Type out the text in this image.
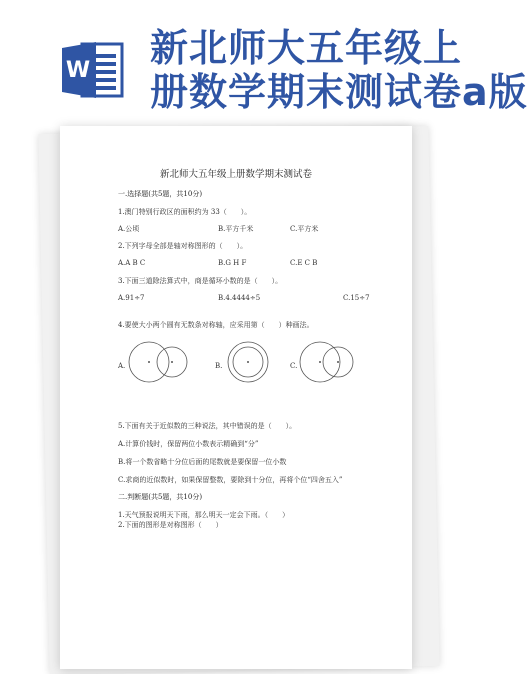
W
新北师大五年级上
册数学期末测试卷a版
新北师大五年级上册数学期末测试卷
一.选择题(共5题，共10分)
1.澳门特别行政区的面积约为 33（　　）。
A.公顷	B.平方千米	C.平方米
2.下列字母全部是轴对称图形的（　　）。
A.A B C	B.G H F	C.E C B
3.下面三道除法算式中，商是循环小数的是（　　）。
A.91÷7	B.4.4444÷5	C.15÷7
4.要使大小两个圆有无数条对称轴，应采用第（　　）种画法。
A.	B.	C.
5.下面有关于近似数的三种说法，其中错误的是（　　）。
A.计算价钱时，保留两位小数表示精确到“分”
B.将一个数省略十分位后面的尾数就是要保留一位小数
C.求商的近似数时，如果保留整数，要除到十分位，再将个位“四舍五入”
二.判断题(共5题，共10分)
1.天气预报说明天下雨，那么明天一定会下雨。（　　）
2.下面的图形是对称图形（　　）
